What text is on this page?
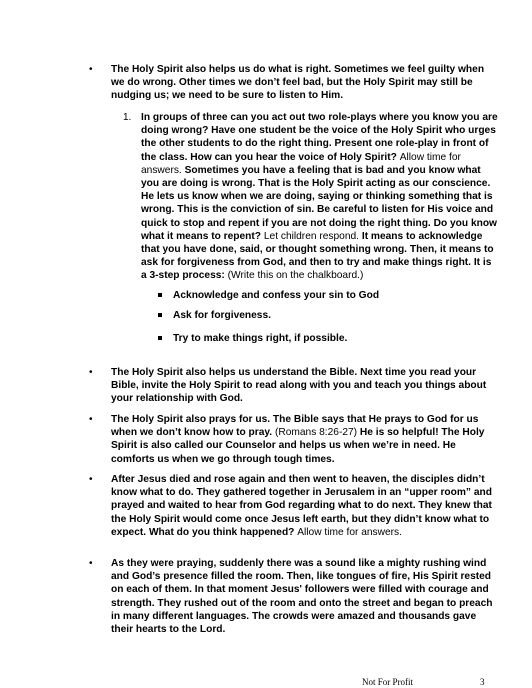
• The Holy Spirit also helps us do what is right. Sometimes we feel guilty when we do wrong. Other times we don’t feel bad, but the Holy Spirit may still be nudging us; we need to be sure to listen to Him.

1. In groups of three can you act out two role-plays where you know you are doing wrong? Have one student be the voice of the Holy Spirit who urges the other students to do the right thing. Present one role-play in front of the class. How can you hear the voice of Holy Spirit? Allow time for answers. Sometimes you have a feeling that is bad and you know what you are doing is wrong. That is the Holy Spirit acting as our conscience. He lets us know when we are doing, saying or thinking something that is wrong. This is the conviction of sin. Be careful to listen for His voice and quick to stop and repent if you are not doing the right thing. Do you know what it means to repent? Let children respond. It means to acknowledge that you have done, said, or thought something wrong. Then, it means to ask for forgiveness from God, and then to try and make things right. It is a 3-step process: (Write this on the chalkboard.)

Acknowledge and confess your sin to God
Ask for forgiveness.
Try to make things right, if possible.
• The Holy Spirit also helps us understand the Bible. Next time you read your Bible, invite the Holy Spirit to read along with you and teach you things about your relationship with God.

• The Holy Spirit also prays for us. The Bible says that He prays to God for us when we don’t know how to pray. (Romans 8:26-27) He is so helpful! The Holy Spirit is also called our Counselor and helps us when we’re in need. He comforts us when we go through tough times.

• After Jesus died and rose again and then went to heaven, the disciples didn’t know what to do. They gathered together in Jerusalem in an “upper room” and prayed and waited to hear from God regarding what to do next. They knew that the Holy Spirit would come once Jesus left earth, but they didn’t know what to expect. What do you think happened? Allow time for answers.

• As they were praying, suddenly there was a sound like a mighty rushing wind and God’s presence filled the room. Then, like tongues of fire, His Spirit rested on each of them. In that moment Jesus' followers were filled with courage and strength. They rushed out of the room and onto the street and began to preach in many different languages. The crowds were amazed and thousands gave their hearts to the Lord.

Not For Profit	3
